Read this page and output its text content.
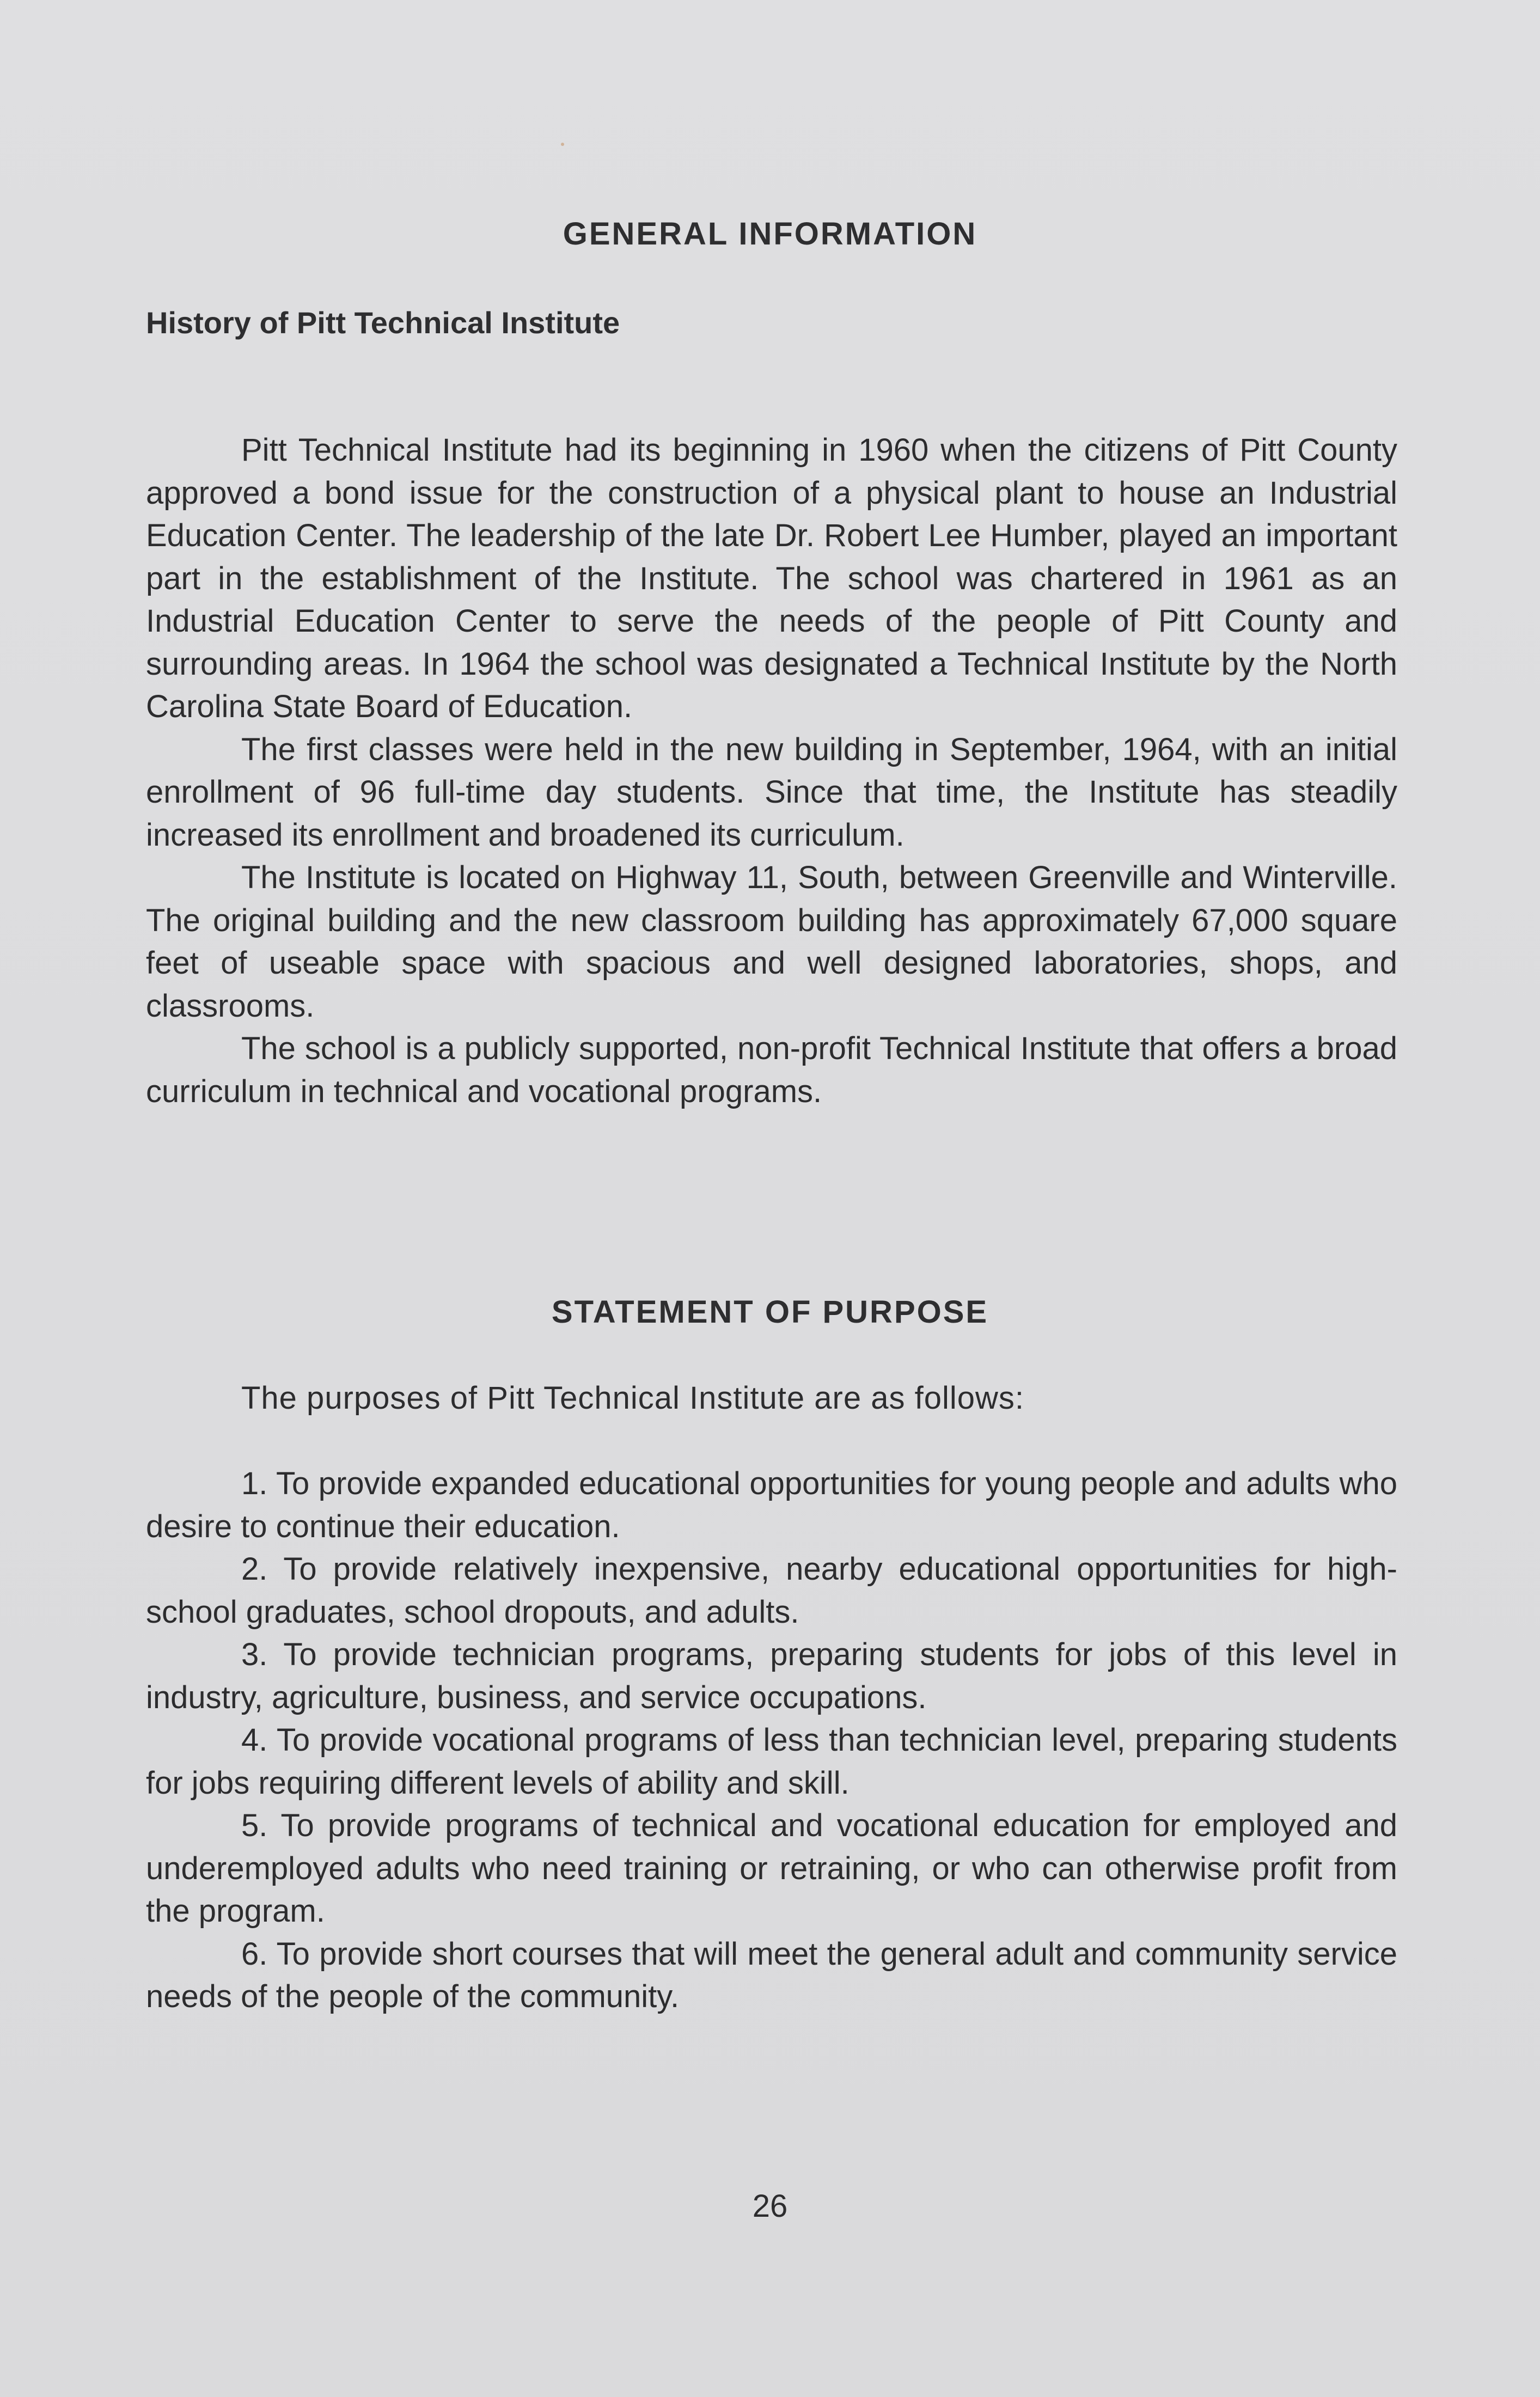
GENERAL INFORMATION
History of Pitt Technical Institute

Pitt Technical Institute had its beginning in 1960 when the citizens of Pitt County approved a bond issue for the construction of a physical plant to house an Industrial Education Center. The leadership of the late Dr. Robert Lee Humber, played an important part in the establishment of the Institute. The school was chartered in 1961 as an Industrial Education Center to serve the needs of the people of Pitt County and surrounding areas. In 1964 the school was designated a Technical Institute by the North Carolina State Board of Education.

The first classes were held in the new building in September, 1964, with an initial enrollment of 96 full-time day students. Since that time, the Institute has steadily increased its enrollment and broadened its curriculum.

The Institute is located on Highway 11, South, between Greenville and Winterville. The original building and the new classroom building has approximately 67,000 square feet of useable space with spacious and well designed laboratories, shops, and classrooms.

The school is a publicly supported, non-profit Technical Institute that offers a broad curriculum in technical and vocational programs.

STATEMENT OF PURPOSE
The purposes of Pitt Technical Institute are as follows:

1. To provide expanded educational opportunities for young people and adults who desire to continue their education.

2. To provide relatively inexpensive, nearby educational opportunities for high-school graduates, school dropouts, and adults.

3. To provide technician programs, preparing students for jobs of this level in industry, agriculture, business, and service occupations.

4. To provide vocational programs of less than technician level, preparing students for jobs requiring different levels of ability and skill.

5. To provide programs of technical and vocational education for employed and underemployed adults who need training or retraining, or who can otherwise profit from the program.

6. To provide short courses that will meet the general adult and community service needs of the people of the community.

26
